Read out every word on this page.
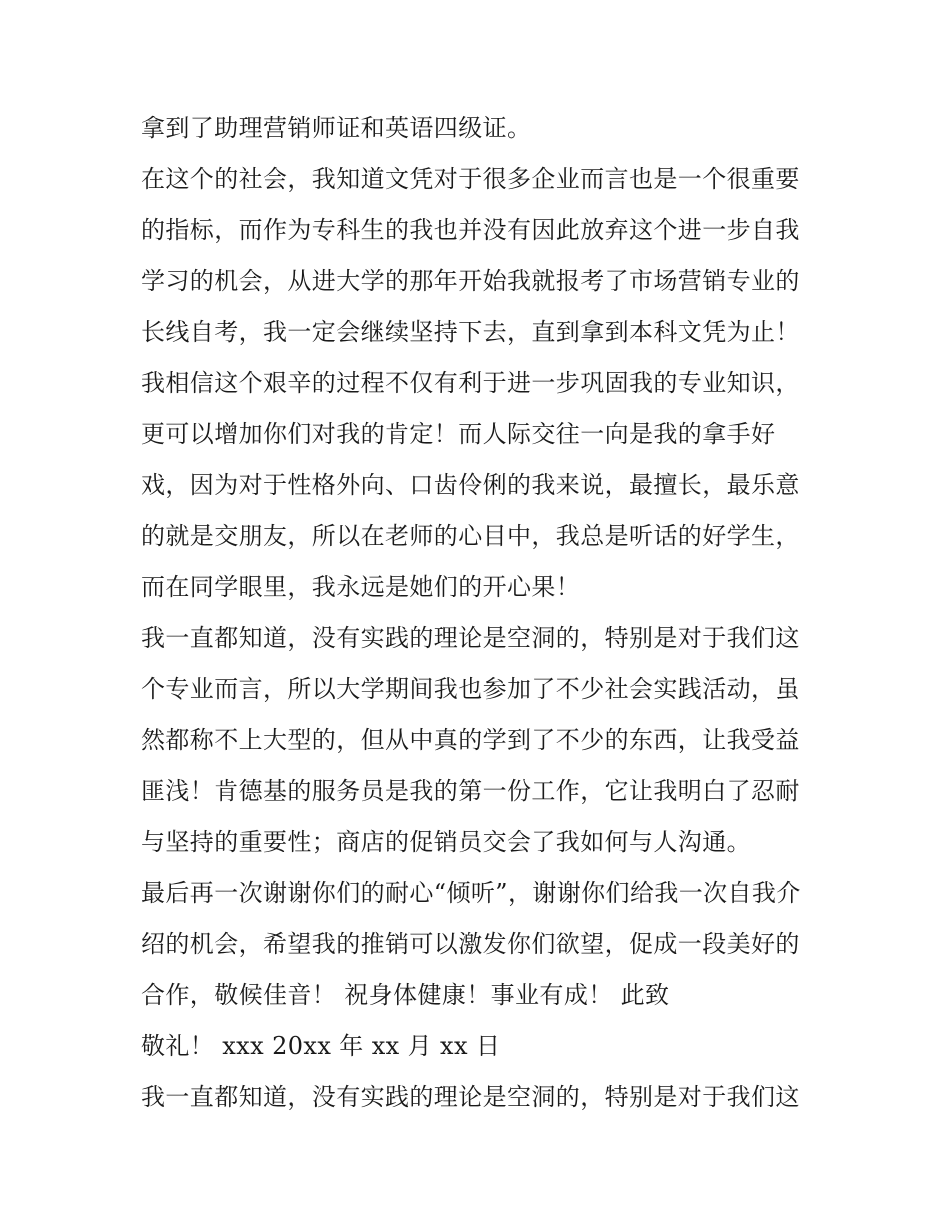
拿到了助理营销师证和英语四级证。
在这个的社会，我知道文凭对于很多企业而言也是一个很重要
的指标，而作为专科生的我也并没有因此放弃这个进一步自我
学习的机会，从进大学的那年开始我就报考了市场营销专业的
长线自考，我一定会继续坚持下去，直到拿到本科文凭为止！
我相信这个艰辛的过程不仅有利于进一步巩固我的专业知识，
更可以增加你们对我的肯定！而人际交往一向是我的拿手好
戏，因为对于性格外向、口齿伶俐的我来说，最擅长，最乐意
的就是交朋友，所以在老师的心目中，我总是听话的好学生，
而在同学眼里，我永远是她们的开心果！
我一直都知道，没有实践的理论是空洞的，特别是对于我们这
个专业而言，所以大学期间我也参加了不少社会实践活动，虽
然都称不上大型的，但从中真的学到了不少的东西，让我受益
匪浅！肯德基的服务员是我的第一份工作，它让我明白了忍耐
与坚持的重要性；商店的促销员交会了我如何与人沟通。
最后再一次谢谢你们的耐心“倾听”，谢谢你们给我一次自我介
绍的机会，希望我的推销可以激发你们欲望，促成一段美好的
合作，敬候佳音！ 祝身体健康！事业有成！ 此致
敬礼！ xxx 20xx 年 xx 月 xx 日
我一直都知道，没有实践的理论是空洞的，特别是对于我们这
